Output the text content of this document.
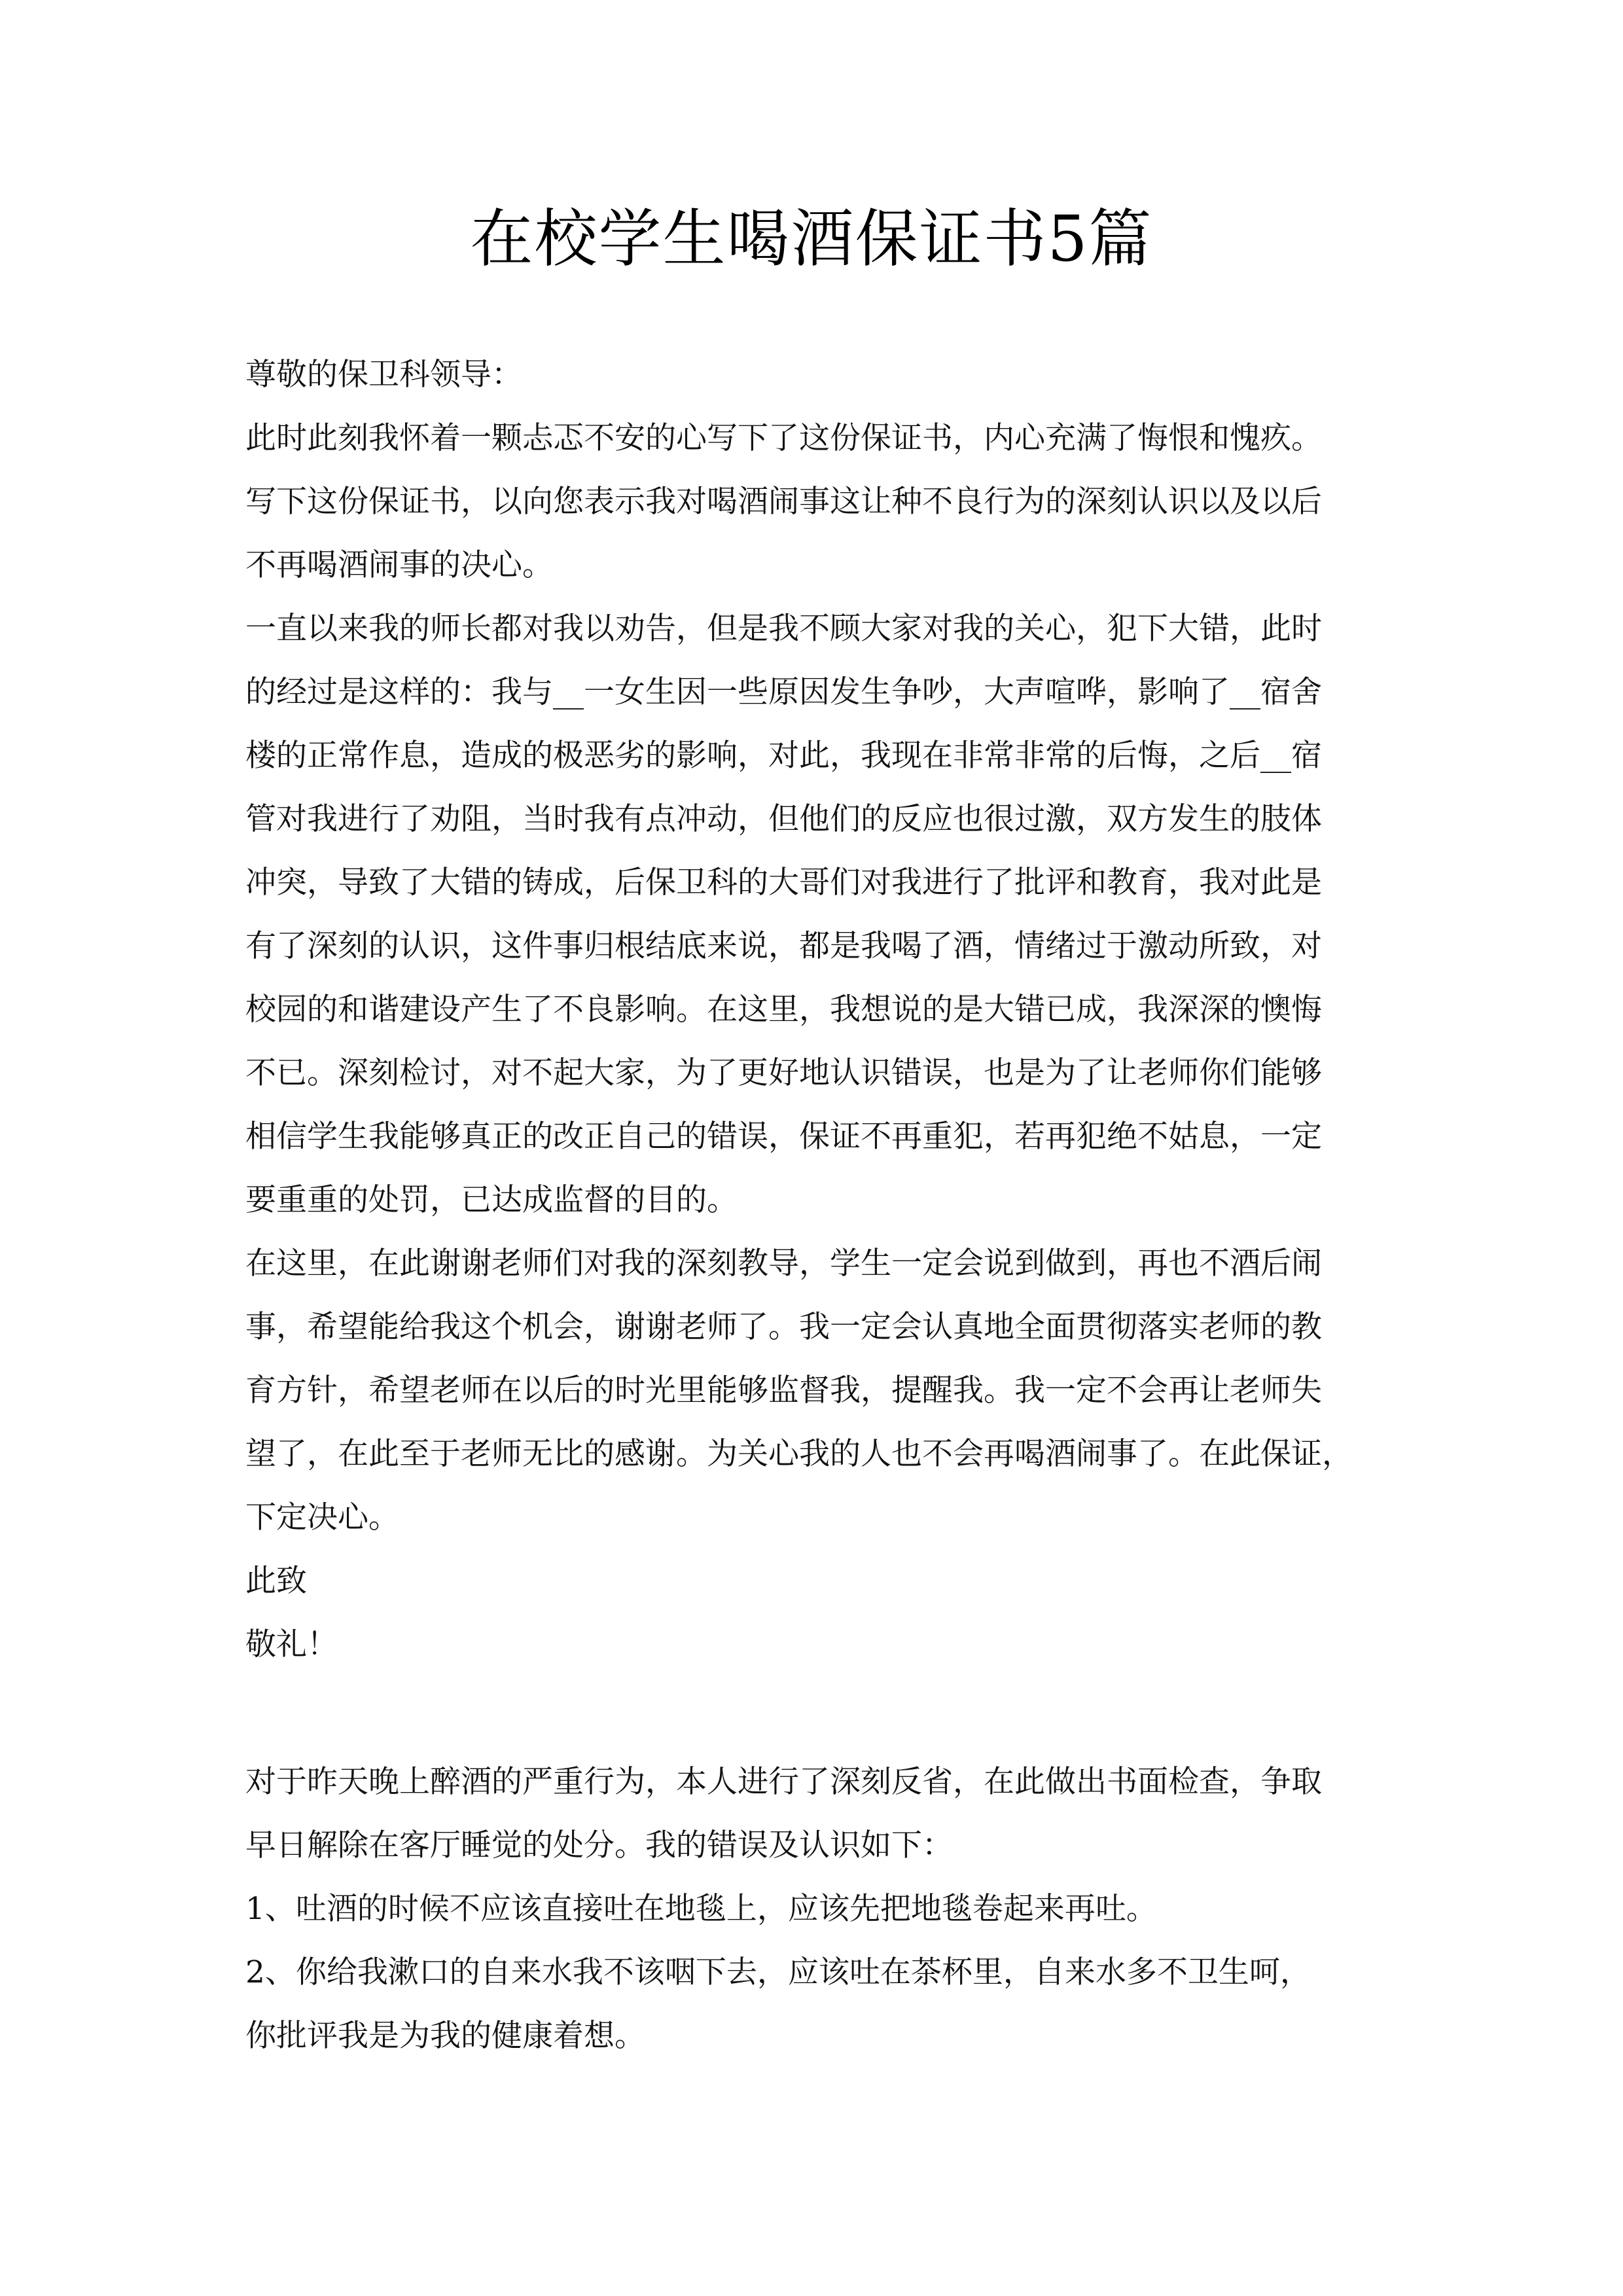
在校学生喝酒保证书5篇
尊敬的保卫科领导：
此时此刻我怀着一颗忐忑不安的心写下了这份保证书，内心充满了悔恨和愧疚。
写下这份保证书，以向您表示我对喝酒闹事这让种不良行为的深刻认识以及以后
不再喝酒闹事的决心。
一直以来我的师长都对我以劝告，但是我不顾大家对我的关心，犯下大错，此时
的经过是这样的：我与__一女生因一些原因发生争吵，大声喧哗，影响了__宿舍
楼的正常作息，造成的极恶劣的影响，对此，我现在非常非常的后悔，之后__宿
管对我进行了劝阻，当时我有点冲动，但他们的反应也很过激，双方发生的肢体
冲突，导致了大错的铸成，后保卫科的大哥们对我进行了批评和教育，我对此是
有了深刻的认识，这件事归根结底来说，都是我喝了酒，情绪过于激动所致，对
校园的和谐建设产生了不良影响。在这里，我想说的是大错已成，我深深的懊悔
不已。深刻检讨，对不起大家，为了更好地认识错误，也是为了让老师你们能够
相信学生我能够真正的改正自己的错误，保证不再重犯，若再犯绝不姑息，一定
要重重的处罚，已达成监督的目的。
在这里，在此谢谢老师们对我的深刻教导，学生一定会说到做到，再也不酒后闹
事，希望能给我这个机会，谢谢老师了。我一定会认真地全面贯彻落实老师的教
育方针，希望老师在以后的时光里能够监督我，提醒我。我一定不会再让老师失
望了，在此至于老师无比的感谢。为关心我的人也不会再喝酒闹事了。在此保证，
下定决心。
此致
敬礼！
对于昨天晚上醉酒的严重行为，本人进行了深刻反省，在此做出书面检查，争取
早日解除在客厅睡觉的处分。我的错误及认识如下：
1、吐酒的时候不应该直接吐在地毯上，应该先把地毯卷起来再吐。
2、你给我漱口的自来水我不该咽下去，应该吐在茶杯里，自来水多不卫生呵，
你批评我是为我的健康着想。
